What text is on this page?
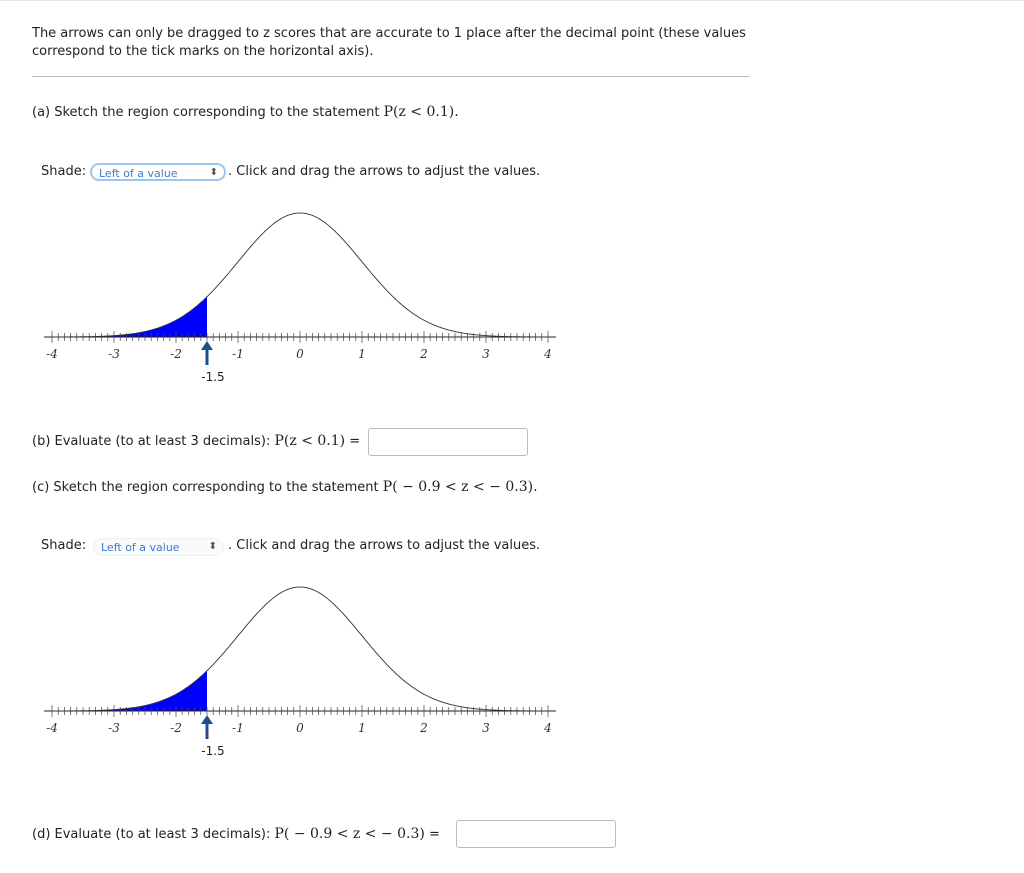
The arrows can only be dragged to z scores that are accurate to 1 place after the decimal point (these values correspond to the tick marks on the horizontal axis).
(a) Sketch the region corresponding to the statement P(z < 0.1).
Shade:	Left of a value	⬍ . Click and drag the arrows to adjust the values.
-4	-3	-2	-1	0	1	2	3	4
-1.5
(b) Evaluate (to at least 3 decimals): P(z < 0.1) =
(c) Sketch the region corresponding to the statement P( − 0.9 < z < − 0.3).
Shade:	Left of a value	⬍ . Click and drag the arrows to adjust the values.
-4	-3	-2	-1	0	1	2	3	4
-1.5
(d) Evaluate (to at least 3 decimals): P( − 0.9 < z < − 0.3) =
